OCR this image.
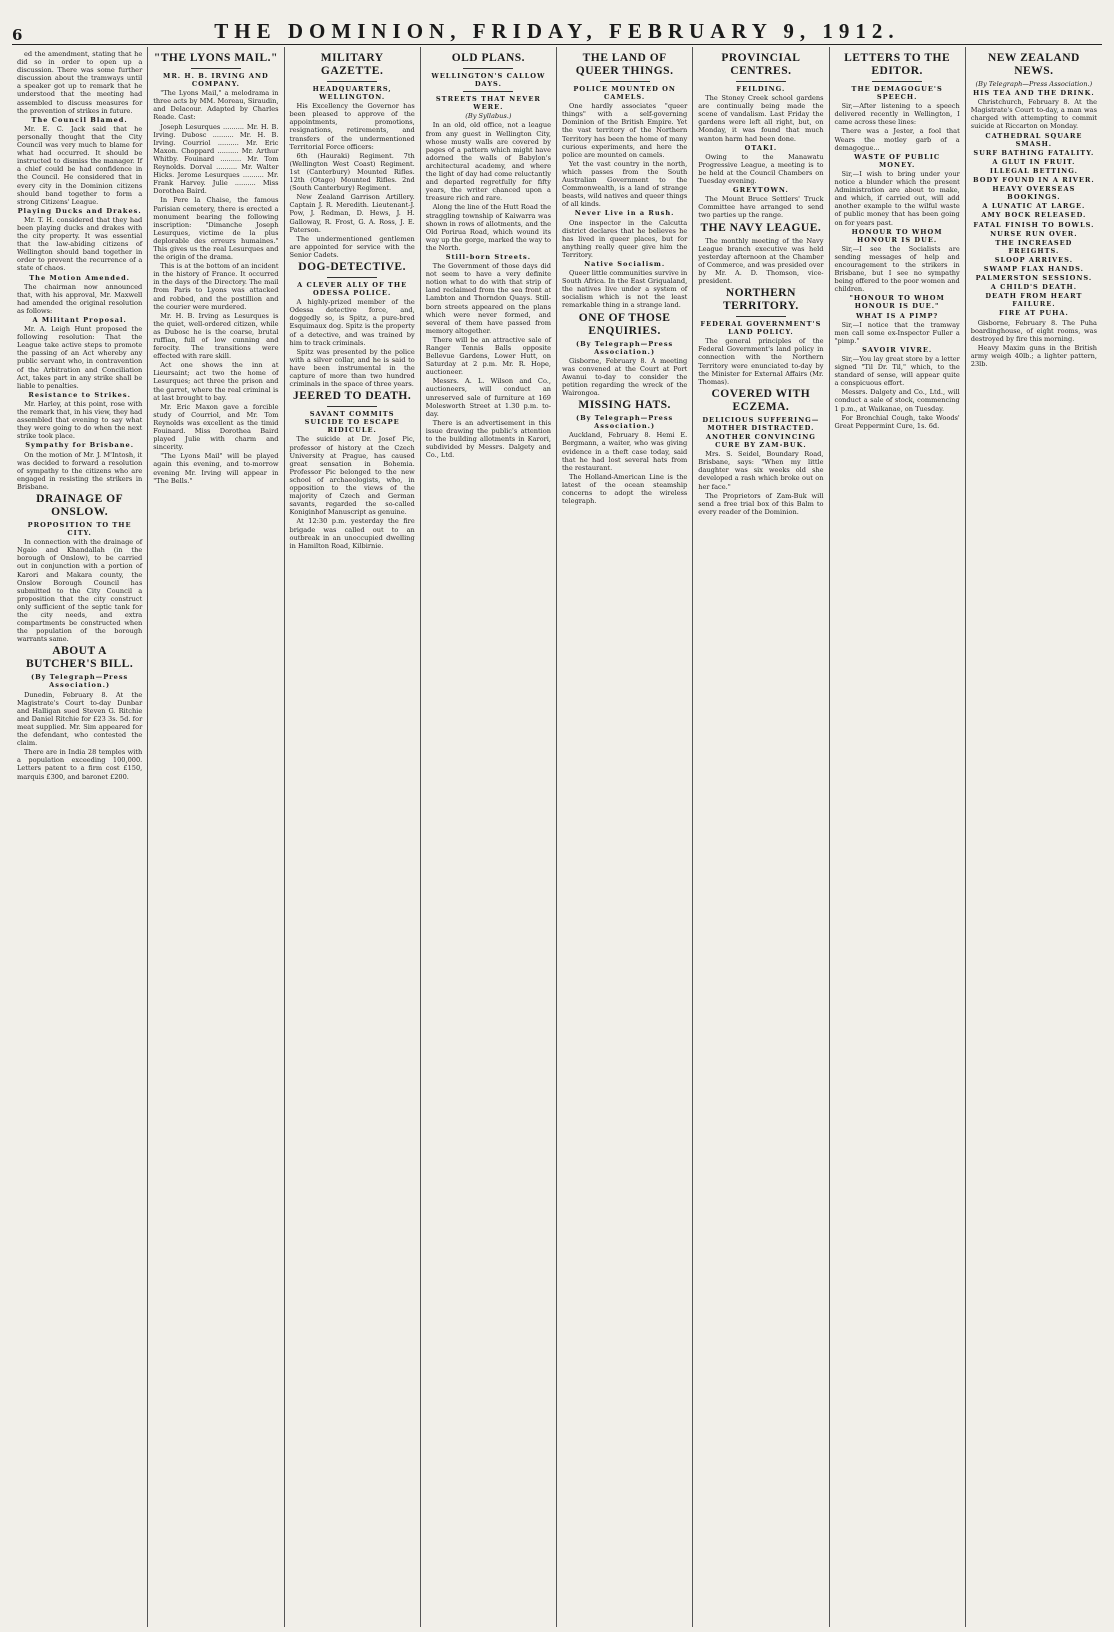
6	THE DOMINION, FRIDAY, FEBRUARY 9, 1912.

ed the amendment, stating that he did so in order to open up a discussion. There was some further discussion about the tramways until a speaker got up to remark that he understood that the meeting had assembled to discuss measures for the prevention of strikes in future.

The Council Blamed.

Mr. E. C. Jack said that he personally thought that the City Council was very much to blame for what had occurred. It should be instructed to dismiss the manager. If a chief could be had confidence in the Council. He considered that in every city in the Dominion citizens should band together to form a strong Citizens' League.

Playing Ducks and Drakes.

Mr. T. H. considered that they had been playing ducks and drakes with the city property. It was essential that the law-abiding citizens of Wellington should band together in order to prevent the recurrence of a state of chaos.

The Motion Amended.

The chairman now announced that, with his approval, Mr. Maxwell had amended the original resolution as follows:

A Militant Proposal.

Mr. A. Leigh Hunt proposed the following resolution: That the League take active steps to promote the passing of an Act whereby any public servant who, in contravention of the Arbitration and Conciliation Act, takes part in any strike shall be liable to penalties.

Resistance to Strikes.

Mr. Harley, at this point, rose with the remark that, in his view, they had assembled that evening to say what they were going to do when the next strike took place.

Sympathy for Brisbane.

On the motion of Mr. J. M'Intosh, it was decided to forward a resolution of sympathy to the citizens who are engaged in resisting the strikers in Brisbane.

DRAINAGE OF ONSLOW.
PROPOSITION TO THE CITY.

In connection with the drainage of Ngaio and Khandallah (in the borough of Onslow), to be carried out in conjunction with a portion of Karori and Makara county, the Onslow Borough Council has submitted to the City Council a proposition that the city construct only sufficient of the septic tank for the city needs, and extra compartments be constructed when the population of the borough warrants same.

ABOUT A BUTCHER'S BILL.
(By Telegraph—Press Association.)

Dunedin, February 8. At the Magistrate's Court to-day Dunbar and Halligan sued Steven G. Ritchie and Daniel Ritchie for £23 3s. 5d. for meat supplied. Mr. Sim appeared for the defendant, who contested the claim.

There are in India 28 temples with a population exceeding 100,000. Letters patent to a firm cost £150, marquis £300, and baronet £200.

"THE LYONS MAIL."
MR. H. B. IRVING AND COMPANY.

"The Lyons Mail," a melodrama in three acts by MM. Moreau, Siraudin, and Delacour. Adapted by Charles Reade. Cast:

Joseph Lesurques .......... Mr. H. B. Irving. Dubosc .......... Mr. H. B. Irving. Courriol .......... Mr. Eric Maxon. Choppard .......... Mr. Arthur Whitby. Fouinard .......... Mr. Tom Reynolds. Dorval .......... Mr. Walter Hicks. Jerome Lesurques .......... Mr. Frank Harvey. Julie .......... Miss Dorothea Baird.

In Pere la Chaise, the famous Parisian cemetery, there is erected a monument bearing the following inscription: "Dimanche Joseph Lesurques, victime de la plus deplorable des erreurs humaines." This gives us the real Lesurques and the origin of the drama.

This is at the bottom of an incident in the history of France. It occurred in the days of the Directory. The mail from Paris to Lyons was attacked and robbed, and the postillion and the courier were murdered.

Mr. H. B. Irving as Lesurques is the quiet, well-ordered citizen, while as Dubosc he is the coarse, brutal ruffian, full of low cunning and ferocity. The transitions were effected with rare skill.

Act one shows the inn at Lieursaint; act two the home of Lesurques; act three the prison and the garret, where the real criminal is at last brought to bay.

Mr. Eric Maxon gave a forcible study of Courriol, and Mr. Tom Reynolds was excellent as the timid Fouinard. Miss Dorothea Baird played Julie with charm and sincerity.

"The Lyons Mail" will be played again this evening, and to-morrow evening Mr. Irving will appear in "The Bells."

MILITARY GAZETTE.
HEADQUARTERS, WELLINGTON.

His Excellency the Governor has been pleased to approve of the appointments, promotions, resignations, retirements, and transfers of the undermentioned Territorial Force officers:

6th (Hauraki) Regiment. 7th (Wellington West Coast) Regiment. 1st (Canterbury) Mounted Rifles. 12th (Otago) Mounted Rifles. 2nd (South Canterbury) Regiment.

New Zealand Garrison Artillery. Captain J. R. Meredith. Lieutenant-J. Pow, J. Redman, D. Hews, J. H. Galloway, R. Frost, G. A. Ross, J. E. Paterson.

The undermentioned gentlemen are appointed for service with the Senior Cadets.

DOG-DETECTIVE.
A CLEVER ALLY OF THE ODESSA POLICE.

A highly-prized member of the Odessa detective force, and, doggedly so, is Spitz, a pure-bred Esquimaux dog. Spitz is the property of a detective, and was trained by him to track criminals.

Spitz was presented by the police with a silver collar, and he is said to have been instrumental in the capture of more than two hundred criminals in the space of three years.

JEERED TO DEATH.
SAVANT COMMITS SUICIDE TO ESCAPE RIDICULE.

The suicide at Dr. Josef Pic, professor of history at the Czech University at Prague, has caused great sensation in Bohemia. Professor Pic belonged to the new school of archaeologists, who, in opposition to the views of the majority of Czech and German savants, regarded the so-called Koniginhof Manuscript as genuine.

At 12:30 p.m. yesterday the fire brigade was called out to an outbreak in an unoccupied dwelling in Hamilton Road, Kilbirnie.

OLD PLANS.
WELLINGTON'S CALLOW DAYS.
STREETS THAT NEVER WERE.
(By Syllabus.)

In an old, old office, not a league from any guest in Wellington City, whose musty walls are covered by pages of a pattern which might have adorned the walls of Babylon's architectural academy, and where the light of day had come reluctantly and departed regretfully for fifty years, the writer chanced upon a treasure rich and rare.

Along the line of the Hutt Road the straggling township of Kaiwarra was shown in rows of allotments, and the Old Porirua Road, which wound its way up the gorge, marked the way to the North.

Still-born Streets.

The Government of those days did not seem to have a very definite notion what to do with that strip of land reclaimed from the sea front at Lambton and Thorndon Quays. Still-born streets appeared on the plans which were never formed, and several of them have passed from memory altogether.

There will be an attractive sale of Ranger Tennis Balls opposite Bellevue Gardens, Lower Hutt, on Saturday at 2 p.m. Mr. R. Hope, auctioneer.

Messrs. A. L. Wilson and Co., auctioneers, will conduct an unreserved sale of furniture at 169 Molesworth Street at 1.30 p.m. to-day.

There is an advertisement in this issue drawing the public's attention to the building allotments in Karori, subdivided by Messrs. Dalgety and Co., Ltd.

THE LAND OF QUEER THINGS.
POLICE MOUNTED ON CAMELS.

One hardly associates "queer things" with a self-governing Dominion of the British Empire. Yet the vast territory of the Northern Territory has been the home of many curious experiments, and here the police are mounted on camels.

Yet the vast country in the north, which passes from the South Australian Government to the Commonwealth, is a land of strange beasts, wild natives and queer things of all kinds.

Never Live in a Rush.

One inspector in the Calcutta district declares that he believes he has lived in queer places, but for anything really queer give him the Territory.

Native Socialism.

Queer little communities survive in South Africa. In the East Griqualand, the natives live under a system of socialism which is not the least remarkable thing in a strange land.

ONE OF THOSE ENQUIRIES.
(By Telegraph—Press Association.)

Gisborne, February 8. A meeting was convened at the Court at Port Awanui to-day to consider the petition regarding the wreck of the Wairongoa.

MISSING HATS.
(By Telegraph—Press Association.)

Auckland, February 8. Hemi E. Bergmann, a waiter, who was giving evidence in a theft case today, said that he had lost several hats from the restaurant.

The Holland-American Line is the latest of the ocean steamship concerns to adopt the wireless telegraph.

PROVINCIAL CENTRES.
FEILDING.

The Stoney Creek school gardens are continually being made the scene of vandalism. Last Friday the gardens were left all right, but, on Monday, it was found that much wanton harm had been done.

OTAKI.

Owing to the Manawatu Progressive League, a meeting is to be held at the Council Chambers on Tuesday evening.

GREYTOWN.

The Mount Bruce Settlers' Truck Committee have arranged to send two parties up the range.

THE NAVY LEAGUE.

The monthly meeting of the Navy League branch executive was held yesterday afternoon at the Chamber of Commerce, and was presided over by Mr. A. D. Thomson, vice-president.

NORTHERN TERRITORY.
FEDERAL GOVERNMENT'S LAND POLICY.

The general principles of the Federal Government's land policy in connection with the Northern Territory were enunciated to-day by the Minister for External Affairs (Mr. Thomas).

COVERED WITH ECZEMA.
DELICIOUS SUFFERING—MOTHER DISTRACTED.
ANOTHER CONVINCING CURE BY ZAM-BUK.

Mrs. S. Seidel, Boundary Road, Brisbane, says: "When my little daughter was six weeks old she developed a rash which broke out on her face."

The Proprietors of Zam-Buk will send a free trial box of this Balm to every reader of the Dominion.

LETTERS TO THE EDITOR.
THE DEMAGOGUE'S SPEECH.

Sir,—After listening to a speech delivered recently in Wellington, I came across these lines:

There was a Jester, a fool that Wears the motley garb of a demagogue...

WASTE OF PUBLIC MONEY.

Sir,—I wish to bring under your notice a blunder which the present Administration are about to make, and which, if carried out, will add another example to the wilful waste of public money that has been going on for years past.

HONOUR TO WHOM HONOUR IS DUE.

Sir,—I see the Socialists are sending messages of help and encouragement to the strikers in Brisbane, but I see no sympathy being offered to the poor women and children.

"HONOUR TO WHOM HONOUR IS DUE."
WHAT IS A PIMP?

Sir,—I notice that the tramway men call some ex-Inspector Fuller a "pimp."

SAVOIR VIVRE.

Sir,—You lay great store by a letter signed "Til Dr. Til," which, to the standard of sense, will appear quite a conspicuous effort.

Messrs. Dalgety and Co., Ltd., will conduct a sale of stock, commencing 1 p.m., at Waikanae, on Tuesday.

For Bronchial Cough, take Woods' Great Peppermint Cure, 1s. 6d.

NEW ZEALAND NEWS.
(By Telegraph—Press Association.)
HIS TEA AND THE DRINK.

Christchurch, February 8. At the Magistrate's Court to-day, a man was charged with attempting to commit suicide at Riccarton on Monday.

CATHEDRAL SQUARE SMASH.
SURF BATHING FATALITY.
A GLUT IN FRUIT.
ILLEGAL BETTING.
BODY FOUND IN A RIVER.
HEAVY OVERSEAS BOOKINGS.
A LUNATIC AT LARGE.
AMY BOCK RELEASED.
FATAL FINISH TO BOWLS.
NURSE RUN OVER.
THE INCREASED FREIGHTS.
SLOOP ARRIVES.
SWAMP FLAX HANDS.
PALMERSTON SESSIONS.
A CHILD'S DEATH.
DEATH FROM HEART FAILURE.
FIRE AT PUHA.

Gisborne, February 8. The Puha boardinghouse, of eight rooms, was destroyed by fire this morning.

Heavy Maxim guns in the British army weigh 40lb.; a lighter pattern, 23lb.
